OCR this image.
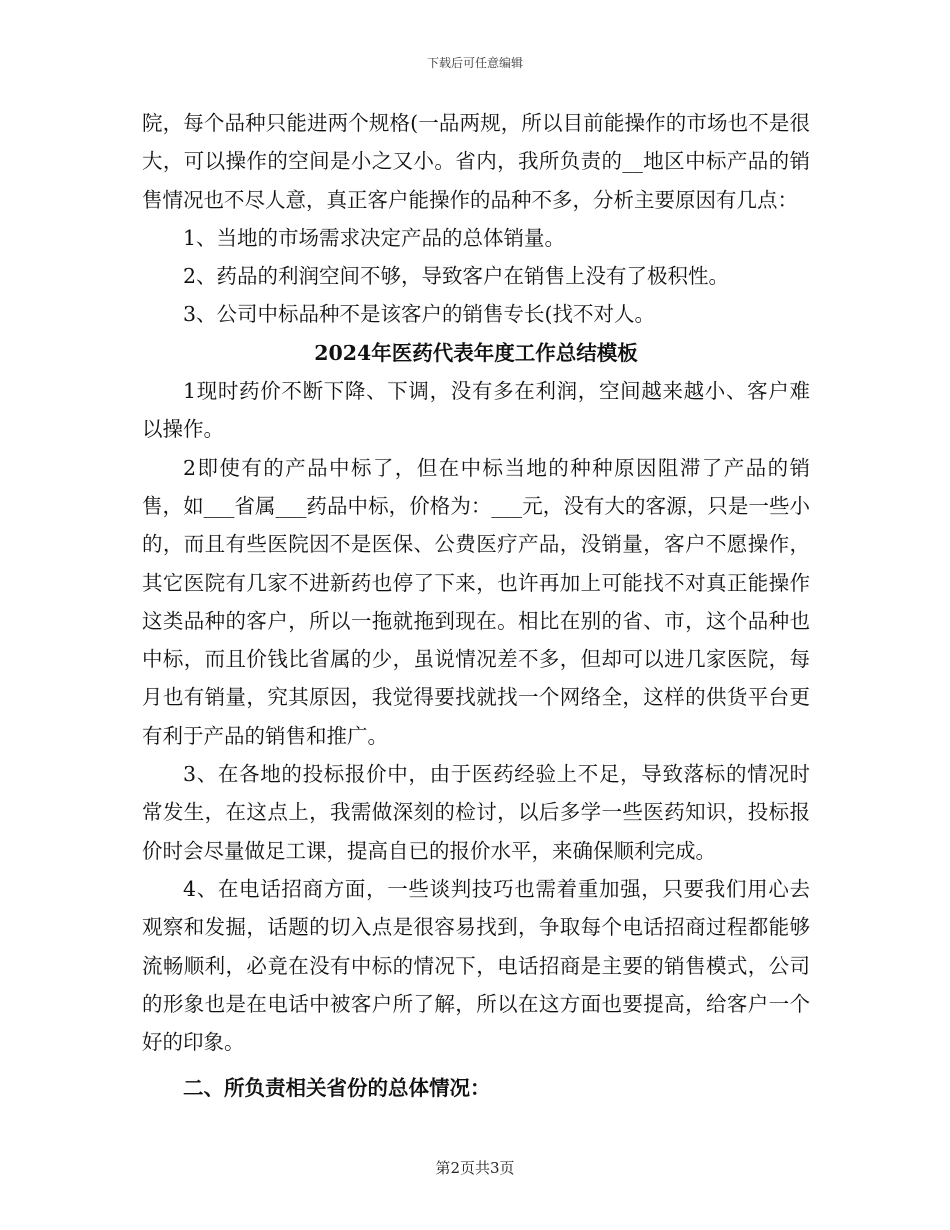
下载后可任意编辑

院，每个品种只能进两个规格(一品两规，所以目前能操作的市场也不是很大，可以操作的空间是小之又小。省内，我所负责的__地区中标产品的销售情况也不尽人意，真正客户能操作的品种不多，分析主要原因有几点：

1、当地的市场需求决定产品的总体销量。

2、药品的利润空间不够，导致客户在销售上没有了极积性。

3、公司中标品种不是该客户的销售专长(找不对人。

2024年医药代表年度工作总结模板

1现时药价不断下降、下调，没有多在利润，空间越来越小、客户难以操作。

2即使有的产品中标了，但在中标当地的种种原因阻滞了产品的销售，如___省属___药品中标，价格为：___元，没有大的客源，只是一些小的，而且有些医院因不是医保、公费医疗产品，没销量，客户不愿操作，其它医院有几家不进新药也停了下来，也许再加上可能找不对真正能操作这类品种的客户，所以一拖就拖到现在。相比在别的省、市，这个品种也中标，而且价钱比省属的少，虽说情况差不多，但却可以进几家医院，每月也有销量，究其原因，我觉得要找就找一个网络全，这样的供货平台更有利于产品的销售和推广。

3、在各地的投标报价中，由于医药经验上不足，导致落标的情况时常发生，在这点上，我需做深刻的检讨，以后多学一些医药知识，投标报价时会尽量做足工课，提高自已的报价水平，来确保顺利完成。

4、在电话招商方面，一些谈判技巧也需着重加强，只要我们用心去观察和发掘，话题的切入点是很容易找到，争取每个电话招商过程都能够流畅顺利，必竟在没有中标的情况下，电话招商是主要的销售模式，公司的形象也是在电话中被客户所了解，所以在这方面也要提高，给客户一个好的印象。

二、所负责相关省份的总体情况：
第2页共3页
